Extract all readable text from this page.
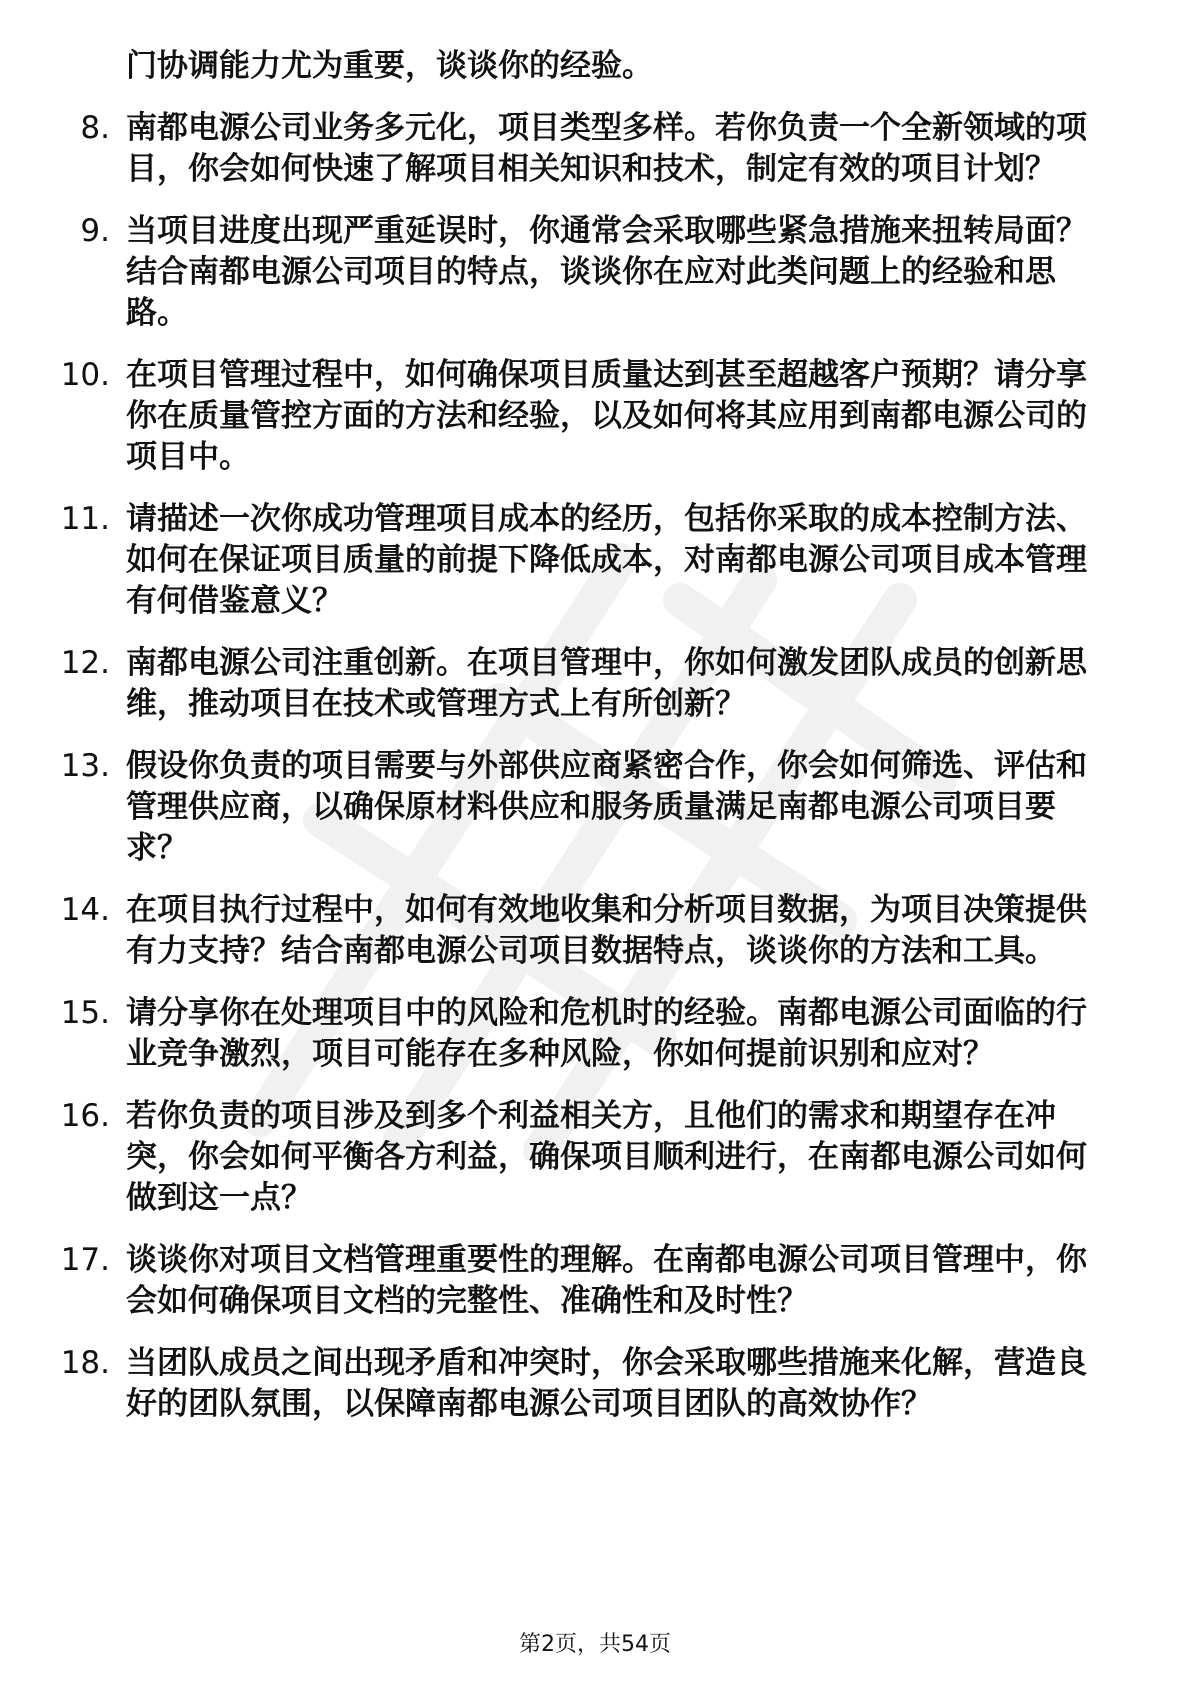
门协调能力尤为重要，谈谈你的经验。
8. 南都电源公司业务多元化，项目类型多样。若你负责一个全新领域的项目，你会如何快速了解项目相关知识和技术，制定有效的项目计划？
9. 当项目进度出现严重延误时，你通常会采取哪些紧急措施来扭转局面？结合南都电源公司项目的特点，谈谈你在应对此类问题上的经验和思路。
10. 在项目管理过程中，如何确保项目质量达到甚至超越客户预期？请分享你在质量管控方面的方法和经验，以及如何将其应用到南都电源公司的项目中。
11. 请描述一次你成功管理项目成本的经历，包括你采取的成本控制方法、如何在保证项目质量的前提下降低成本，对南都电源公司项目成本管理有何借鉴意义？
12. 南都电源公司注重创新。在项目管理中，你如何激发团队成员的创新思维，推动项目在技术或管理方式上有所创新？
13. 假设你负责的项目需要与外部供应商紧密合作，你会如何筛选、评估和管理供应商，以确保原材料供应和服务质量满足南都电源公司项目要求？
14. 在项目执行过程中，如何有效地收集和分析项目数据，为项目决策提供有力支持？结合南都电源公司项目数据特点，谈谈你的方法和工具。
15. 请分享你在处理项目中的风险和危机时的经验。南都电源公司面临的行业竞争激烈，项目可能存在多种风险，你如何提前识别和应对？
16. 若你负责的项目涉及到多个利益相关方，且他们的需求和期望存在冲突，你会如何平衡各方利益，确保项目顺利进行，在南都电源公司如何做到这一点？
17. 谈谈你对项目文档管理重要性的理解。在南都电源公司项目管理中，你会如何确保项目文档的完整性、准确性和及时性？
18. 当团队成员之间出现矛盾和冲突时，你会采取哪些措施来化解，营造良好的团队氛围，以保障南都电源公司项目团队的高效协作？
第2页，共54页
